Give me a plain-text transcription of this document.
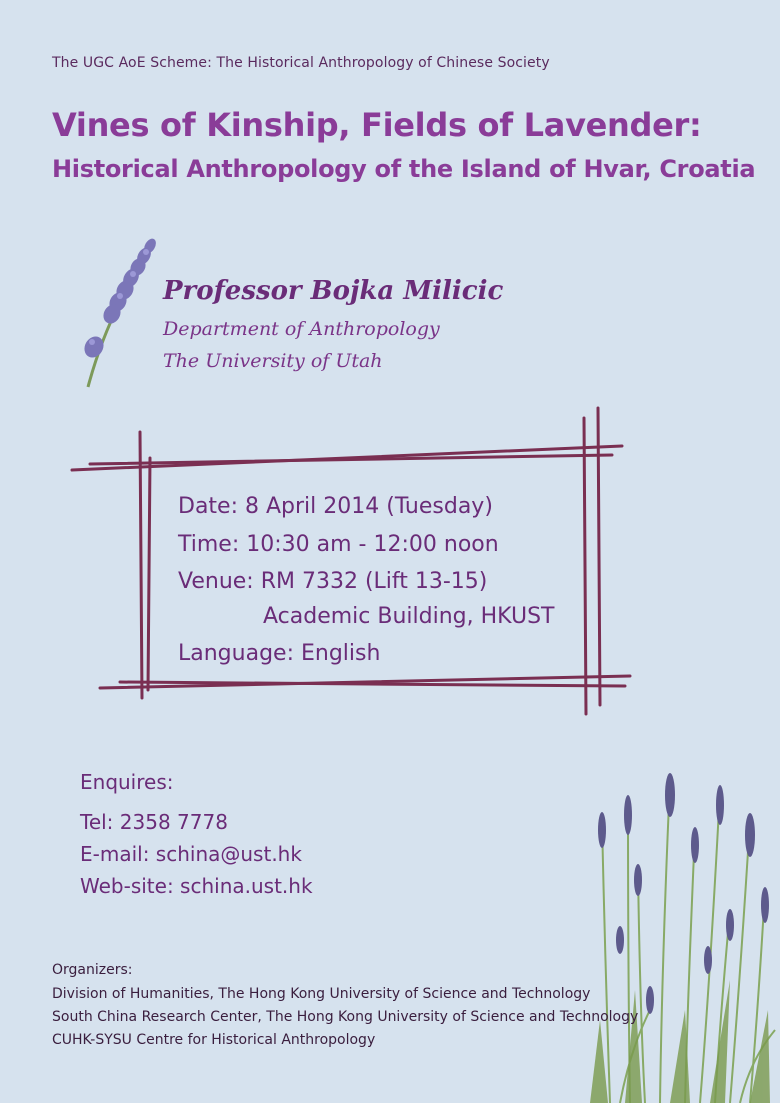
The UGC AoE Scheme: The Historical Anthropology of Chinese Society
Vines of Kinship, Fields of Lavender:
Historical Anthropology of the Island of Hvar, Croatia
Professor Bojka Milicic
Department of Anthropology
The University of Utah
Date: 8 April 2014 (Tuesday)
Time: 10:30 am - 12:00 noon
Venue: RM 7332 (Lift 13-15)
Academic Building, HKUST
Language: English
Enquires:
Tel: 2358 7778
E-mail: schina@ust.hk
Web-site: schina.ust.hk
Organizers:
Division of Humanities, The Hong Kong University of Science and Technology
South China Research Center, The Hong Kong University of Science and Technology
CUHK-SYSU Centre for Historical Anthropology
